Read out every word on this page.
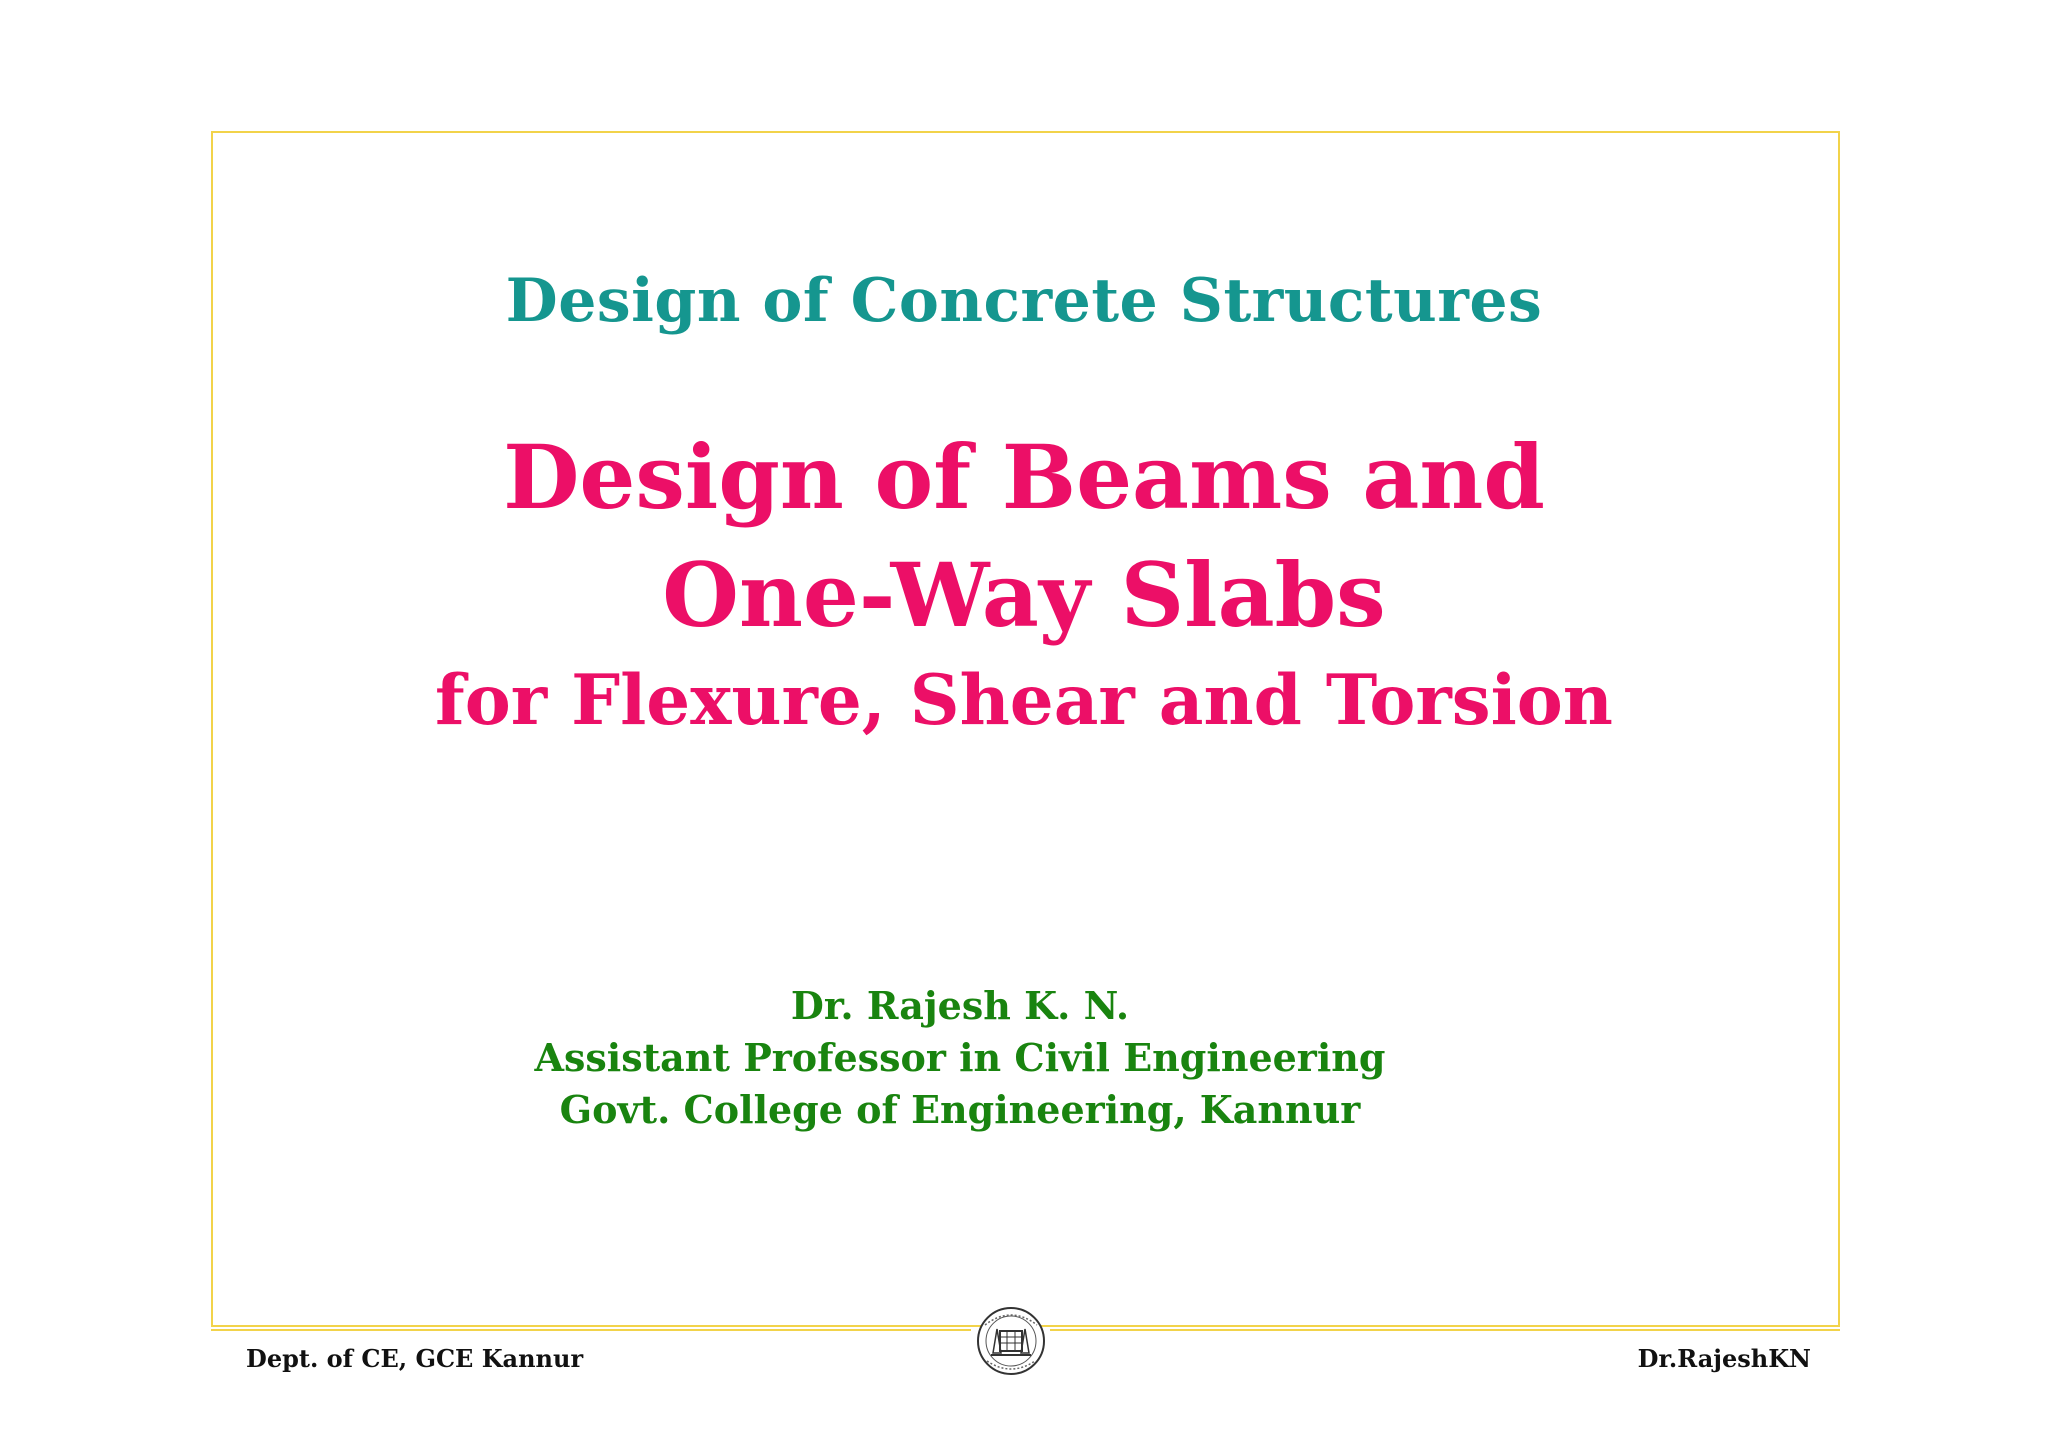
Design of Concrete Structures
Design of Beams and
One-Way Slabs
for Flexure, Shear and Torsion
Dr. Rajesh K. N.
Assistant Professor in Civil Engineering
Govt. College of Engineering, Kannur
Dept. of CE, GCE Kannur	Dr.RajeshKN
